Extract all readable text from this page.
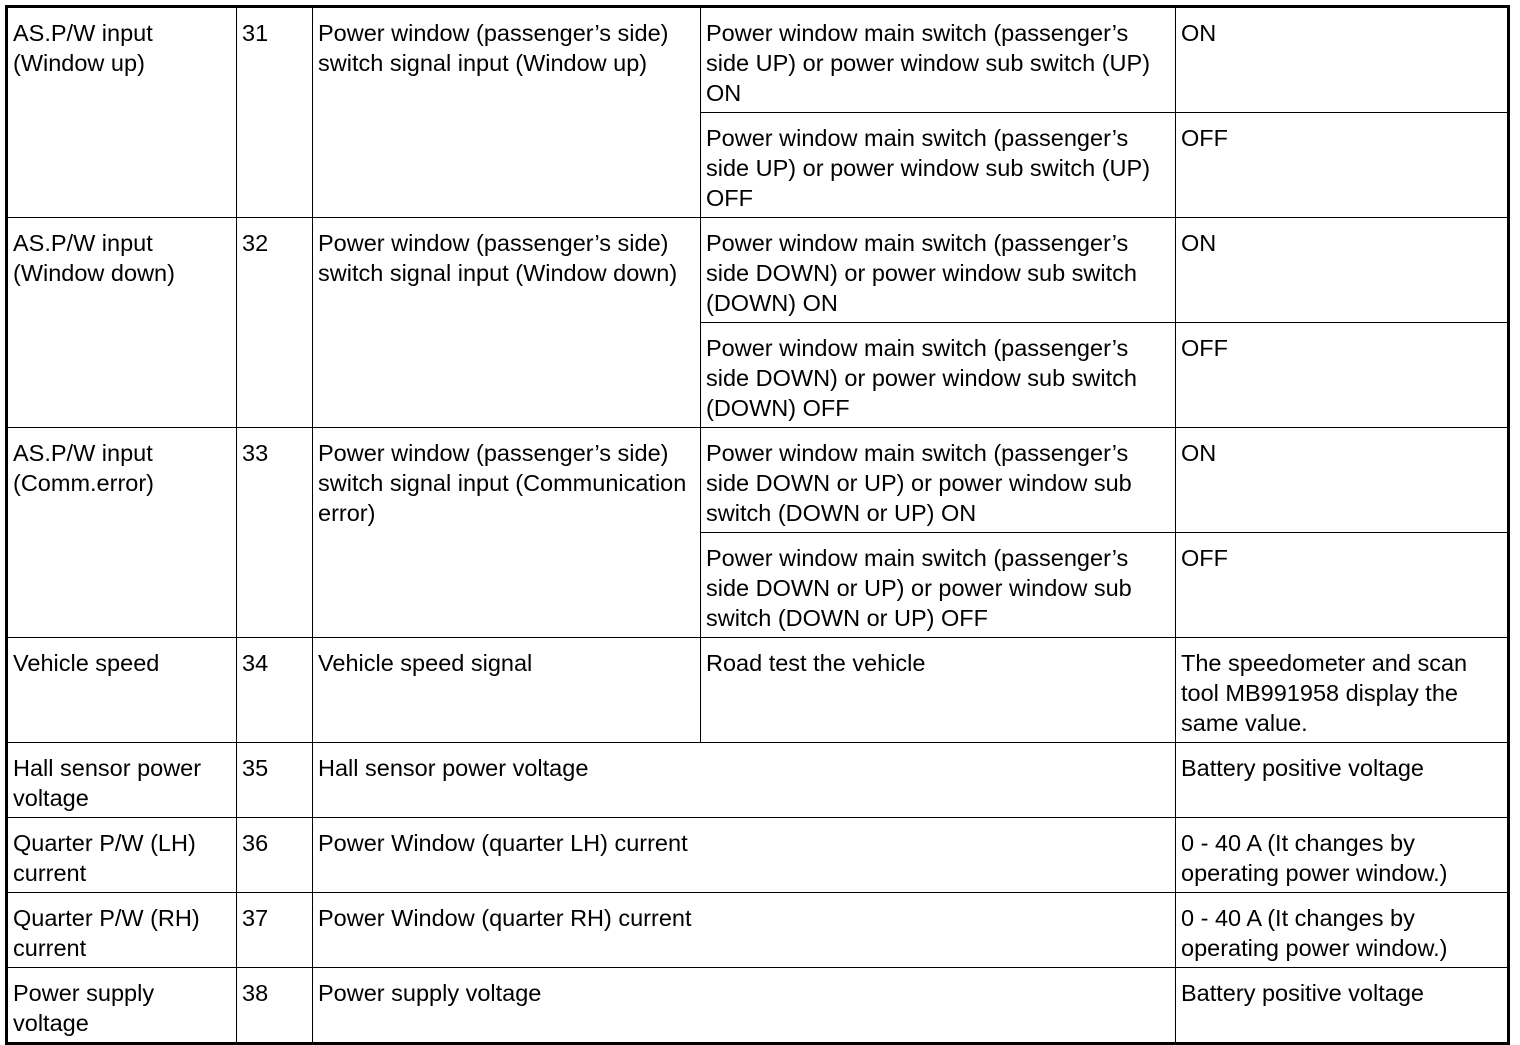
AS.P/W input (Window up)	31	Power window (passenger’s side) switch signal input (Window up)	Power window main switch (passenger’s side UP) or power window sub switch (UP) ON	ON
			Power window main switch (passenger’s side UP) or power window sub switch (UP) OFF	OFF
AS.P/W input (Window down)	32	Power window (passenger’s side) switch signal input (Window down)	Power window main switch (passenger’s side DOWN) or power window sub switch (DOWN) ON	ON
			Power window main switch (passenger’s side DOWN) or power window sub switch (DOWN) OFF	OFF
AS.P/W input (Comm.error)	33	Power window (passenger’s side) switch signal input (Communication error)	Power window main switch (passenger’s side DOWN or UP) or power window sub switch (DOWN or UP) ON	ON
			Power window main switch (passenger’s side DOWN or UP) or power window sub switch (DOWN or UP) OFF	OFF
Vehicle speed	34	Vehicle speed signal	Road test the vehicle	The speedometer and scan tool MB991958 display the same value.
Hall sensor power voltage	35	Hall sensor power voltage		Battery positive voltage
Quarter P/W (LH) current	36	Power Window (quarter LH) current		0 - 40 A (It changes by operating power window.)
Quarter P/W (RH) current	37	Power Window (quarter RH) current		0 - 40 A (It changes by operating power window.)
Power supply voltage	38	Power supply voltage		Battery positive voltage
